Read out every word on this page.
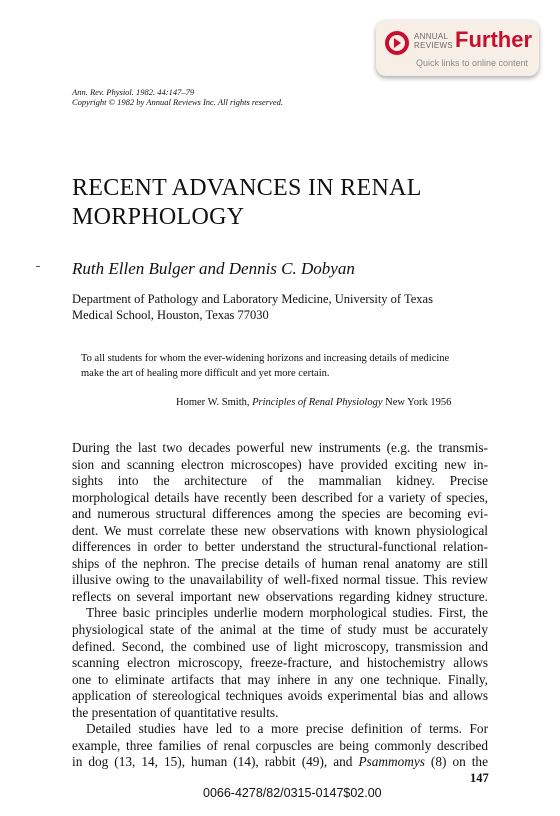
ANNUAL
REVIEWS Further
Quick links to online content
Ann. Rev. Physiol. 1982. 44:147–79
Copyright © 1982 by Annual Reviews Inc. All rights reserved.
RECENT ADVANCES IN RENAL
MORPHOLOGY
Ruth Ellen Bulger and Dennis C. Dobyan
Department of Pathology and Laboratory Medicine, University of Texas
Medical School, Houston, Texas 77030
To all students for whom the ever-widening horizons and increasing details of medicine
make the art of healing more difficult and yet more certain.
Homer W. Smith, Principles of Renal Physiology New York 1956
During the last two decades powerful new instruments (e.g. the transmis-
sion and scanning electron microscopes) have provided exciting new in-
sights into the architecture of the mammalian kidney. Precise
morphological details have recently been described for a variety of species,
and numerous structural differences among the species are becoming evi-
dent. We must correlate these new observations with known physiological
differences in order to better understand the structural-functional relation-
ships of the nephron. The precise details of human renal anatomy are still
illusive owing to the unavailability of well-fixed normal tissue. This review
reflects on several important new observations regarding kidney structure.
Three basic principles underlie modern morphological studies. First, the
physiological state of the animal at the time of study must be accurately
defined. Second, the combined use of light microscopy, transmission and
scanning electron microscopy, freeze-fracture, and histochemistry allows
one to eliminate artifacts that may inhere in any one technique. Finally,
application of stereological techniques avoids experimental bias and allows
the presentation of quantitative results.
Detailed studies have led to a more precise definition of terms. For
example, three families of renal corpuscles are being commonly described
in dog (13, 14, 15), human (14), rabbit (49), and Psammomys (8) on the
147
0066-4278/82/0315-0147$02.00
